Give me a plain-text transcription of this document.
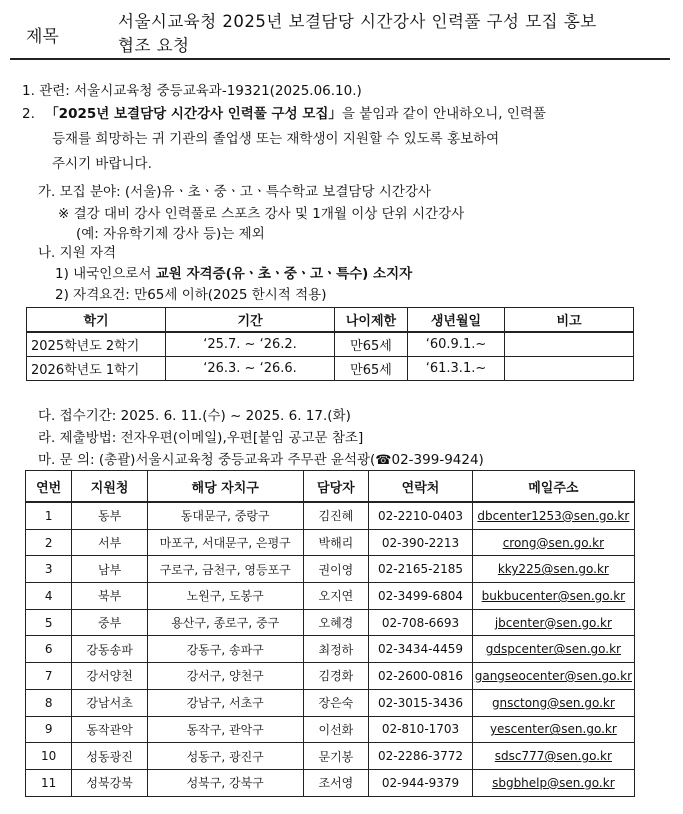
제목
서울시교육청 2025년 보결담당 시간강사 인력풀 구성 모집 홍보
협조 요청
1. 관련: 서울시교육청 중등교육과-19321(2025.06.10.)
2. 「2025년 보결담당 시간강사 인력풀 구성 모집」을 붙임과 같이 안내하오니, 인력풀
등재를 희망하는 귀 기관의 졸업생 또는 재학생이 지원할 수 있도록 홍보하여
주시기 바랍니다.
가. 모집 분야: (서울)유ㆍ초ㆍ중ㆍ고ㆍ특수학교 보결담당 시간강사
※ 결강 대비 강사 인력풀로 스포츠 강사 및 1개월 이상 단위 시간강사
(예: 자유학기제 강사 등)는 제외
나. 지원 자격
1) 내국인으로서 교원 자격증(유ㆍ초ㆍ중ㆍ고ㆍ특수) 소지자
2) 자격요건: 만65세 이하(2025 한시적 적용)
학기	기간	나이제한	생년월일	비고
2025학년도 2학기	‘25.7. ~ ‘26.2.	만65세	‘60.9.1.~	
2026학년도 1학기	‘26.3. ~ ‘26.6.	만65세	‘61.3.1.~	
다. 접수기간: 2025. 6. 11.(수) ~ 2025. 6. 17.(화)
라. 제출방법: 전자우편(이메일),우편[붙임 공고문 참조]
마. 문 의: (총괄)서울시교육청 중등교육과 주무관 윤석광(☎02-399-9424)
연번	지원청	해당 자치구	담당자	연락처	메일주소
1	동부	동대문구, 중랑구	김진혜	02-2210-0403	dbcenter1253@sen.go.kr
2	서부	마포구, 서대문구, 은평구	박해리	02-390-2213	crong@sen.go.kr
3	남부	구로구, 금천구, 영등포구	권이영	02-2165-2185	kky225@sen.go.kr
4	북부	노원구, 도봉구	오지연	02-3499-6804	bukbucenter@sen.go.kr
5	중부	용산구, 종로구, 중구	오혜경	02-708-6693	jbcenter@sen.go.kr
6	강동송파	강동구, 송파구	최정하	02-3434-4459	gdspcenter@sen.go.kr
7	강서양천	강서구, 양천구	김경화	02-2600-0816	gangseocenter@sen.go.kr
8	강남서초	강남구, 서초구	장은숙	02-3015-3436	gnsctong@sen.go.kr
9	동작관악	동작구, 관악구	이선화	02-810-1703	yescenter@sen.go.kr
10	성동광진	성동구, 광진구	문기봉	02-2286-3772	sdsc777@sen.go.kr
11	성북강북	성북구, 강북구	조서영	02-944-9379	sbgbhelp@sen.go.kr
